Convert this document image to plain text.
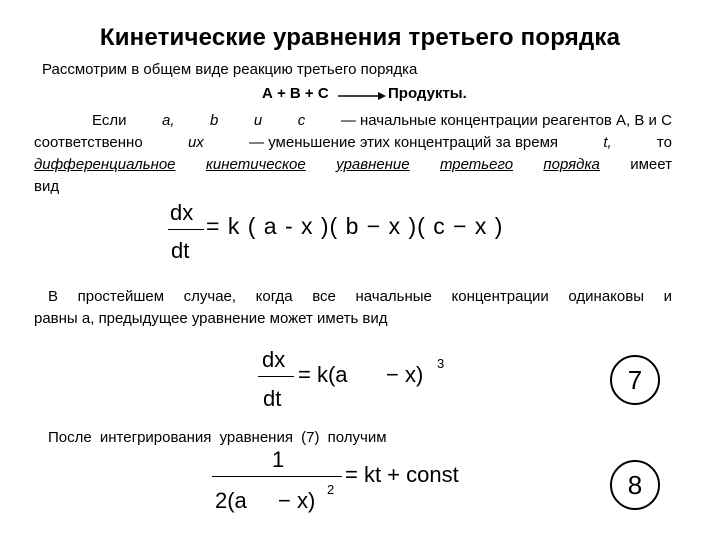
Кинетические уравнения третьего порядка
Рассмотрим в общем виде реакцию третьего порядка
А + В + С → Продукты.
Если a, b и c — начальные концентрации реагентов А, В и С
соответственно	их	— уменьшение этих концентраций за время	t,	то
дифференциальное кинетическое уравнение третьего порядка имеет
вид
dx
dt
= k ( a - x )( b − x )( c − x )
В простейшем случае, когда все начальные концентрации одинаковы и
равны a, предыдущее уравнение может иметь вид
dx
dt
= k(a − x) 3
7
После интегрирования уравнения (7) получим
1
2(a − x) 2
= kt + const	8
